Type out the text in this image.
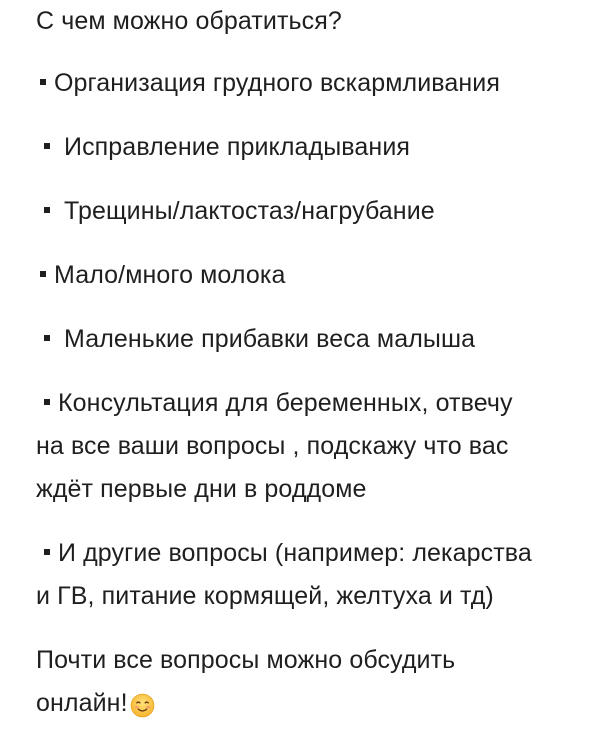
С чем можно обратиться?
Организация грудного вскармливания
Исправление прикладывания
Трещины/лактостаз/нагрубание
Мало/много молока
Маленькие прибавки веса малыша
Консультация для беременных, отвечу
на все ваши вопросы , подскажу что вас
ждёт первые дни в роддоме
И другие вопросы (например: лекарства
и ГВ, питание кормящей, желтуха и тд)
Почти все вопросы можно обсудить
онлайн!
